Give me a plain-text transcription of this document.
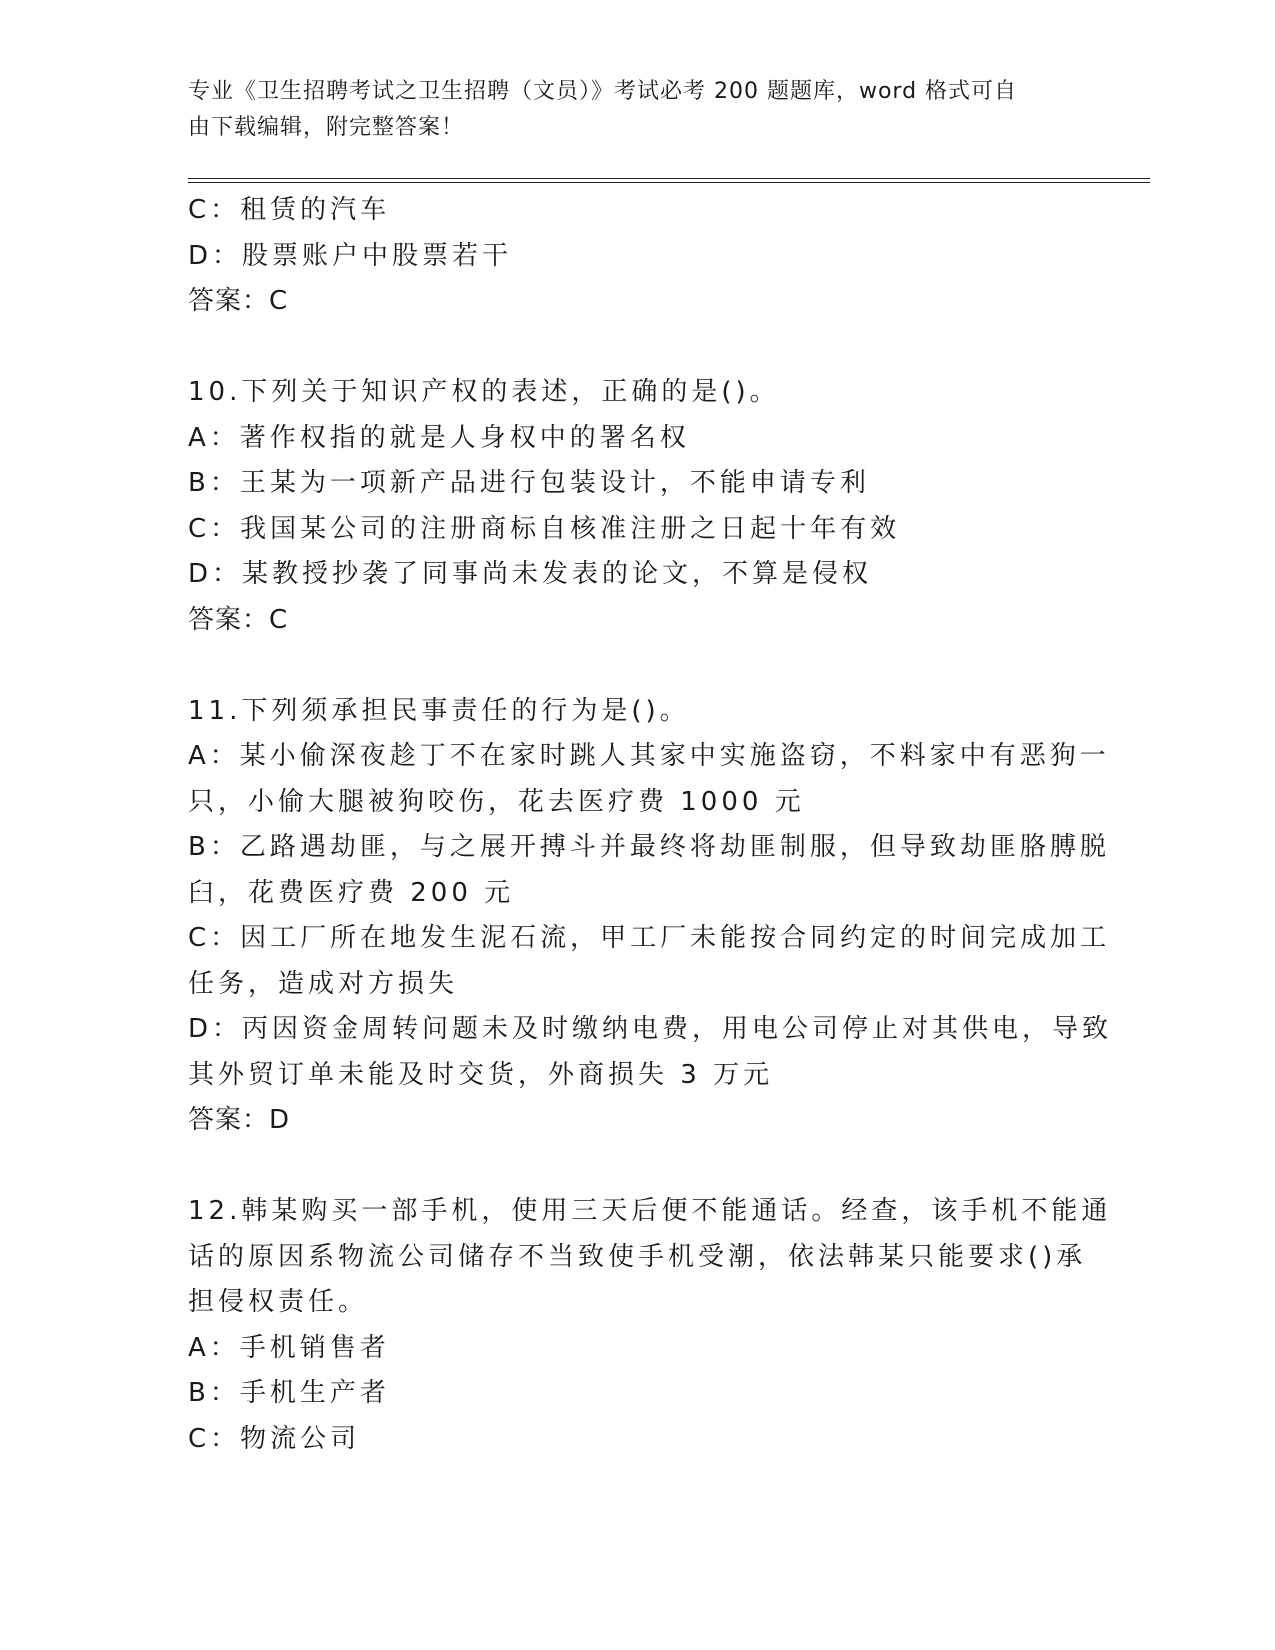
专业《卫生招聘考试之卫生招聘（文员）》考试必考 200 题题库，word 格式可自
由下载编辑，附完整答案！
C：租赁的汽车
D：股票账户中股票若干
答案：C
10.下列关于知识产权的表述，正确的是()。
A：著作权指的就是人身权中的署名权
B：王某为一项新产品进行包装设计，不能申请专利
C：我国某公司的注册商标自核准注册之日起十年有效
D：某教授抄袭了同事尚未发表的论文，不算是侵权
答案：C
11.下列须承担民事责任的行为是()。
A：某小偷深夜趁丁不在家时跳人其家中实施盗窃，不料家中有恶狗一
只，小偷大腿被狗咬伤，花去医疗费 1000 元
B：乙路遇劫匪，与之展开搏斗并最终将劫匪制服，但导致劫匪胳膊脱
臼，花费医疗费 200 元
C：因工厂所在地发生泥石流，甲工厂未能按合同约定的时间完成加工
任务，造成对方损失
D：丙因资金周转问题未及时缴纳电费，用电公司停止对其供电，导致
其外贸订单未能及时交货，外商损失 3 万元
答案：D
12.韩某购买一部手机，使用三天后便不能通话。经查，该手机不能通
话的原因系物流公司储存不当致使手机受潮，依法韩某只能要求()承
担侵权责任。
A：手机销售者
B：手机生产者
C：物流公司
